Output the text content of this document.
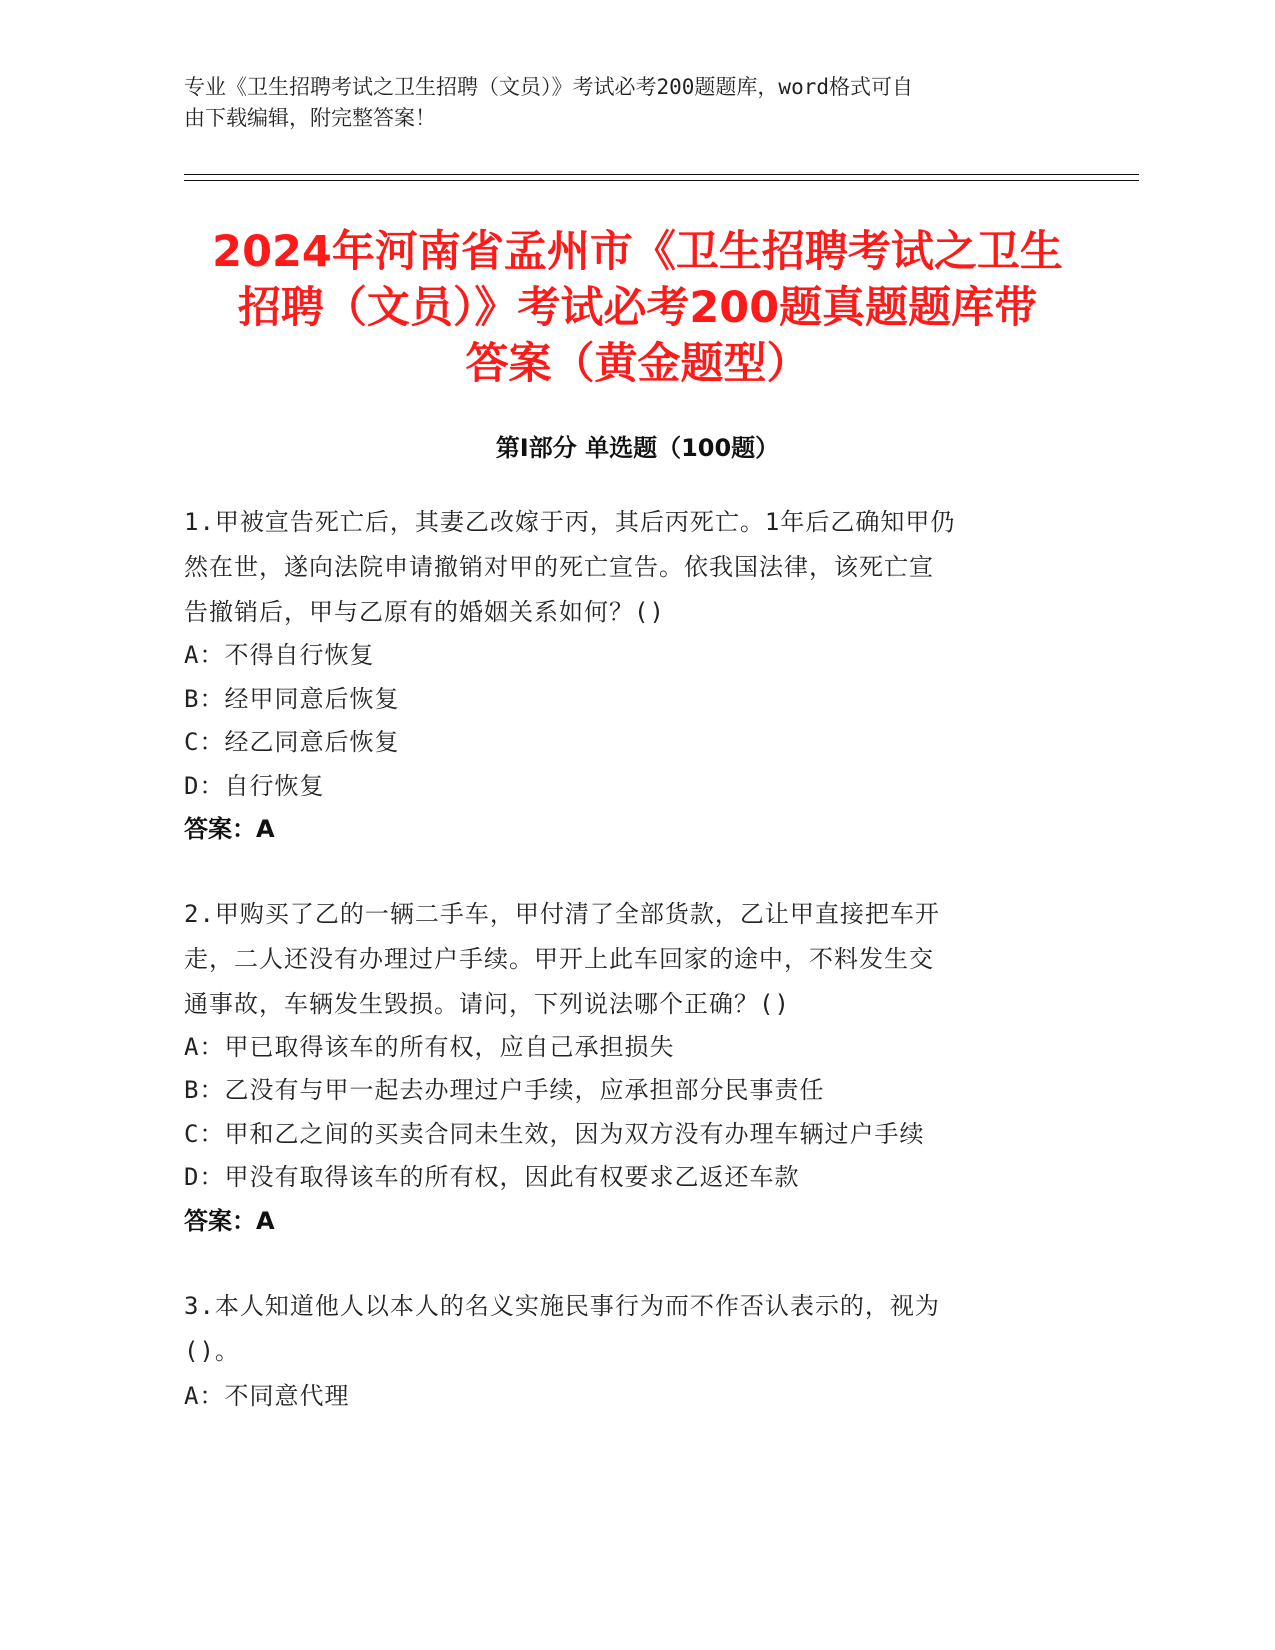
专业《卫生招聘考试之卫生招聘（文员）》考试必考200题题库，word格式可自
由下载编辑，附完整答案！
2024年河南省孟州市《卫生招聘考试之卫生
招聘（文员）》考试必考200题真题题库带
答案（黄金题型）
第Ⅰ部分 单选题（100题）
1.甲被宣告死亡后，其妻乙改嫁于丙，其后丙死亡。1年后乙确知甲仍
然在世，遂向法院申请撤销对甲的死亡宣告。依我国法律，该死亡宣
告撤销后，甲与乙原有的婚姻关系如何？()
A：不得自行恢复
B：经甲同意后恢复
C：经乙同意后恢复
D：自行恢复
答案：A
2.甲购买了乙的一辆二手车，甲付清了全部货款，乙让甲直接把车开
走，二人还没有办理过户手续。甲开上此车回家的途中，不料发生交
通事故，车辆发生毁损。请问，下列说法哪个正确？()
A：甲已取得该车的所有权，应自己承担损失
B：乙没有与甲一起去办理过户手续，应承担部分民事责任
C：甲和乙之间的买卖合同未生效，因为双方没有办理车辆过户手续
D：甲没有取得该车的所有权，因此有权要求乙返还车款
答案：A
3.本人知道他人以本人的名义实施民事行为而不作否认表示的，视为
()。
A：不同意代理
